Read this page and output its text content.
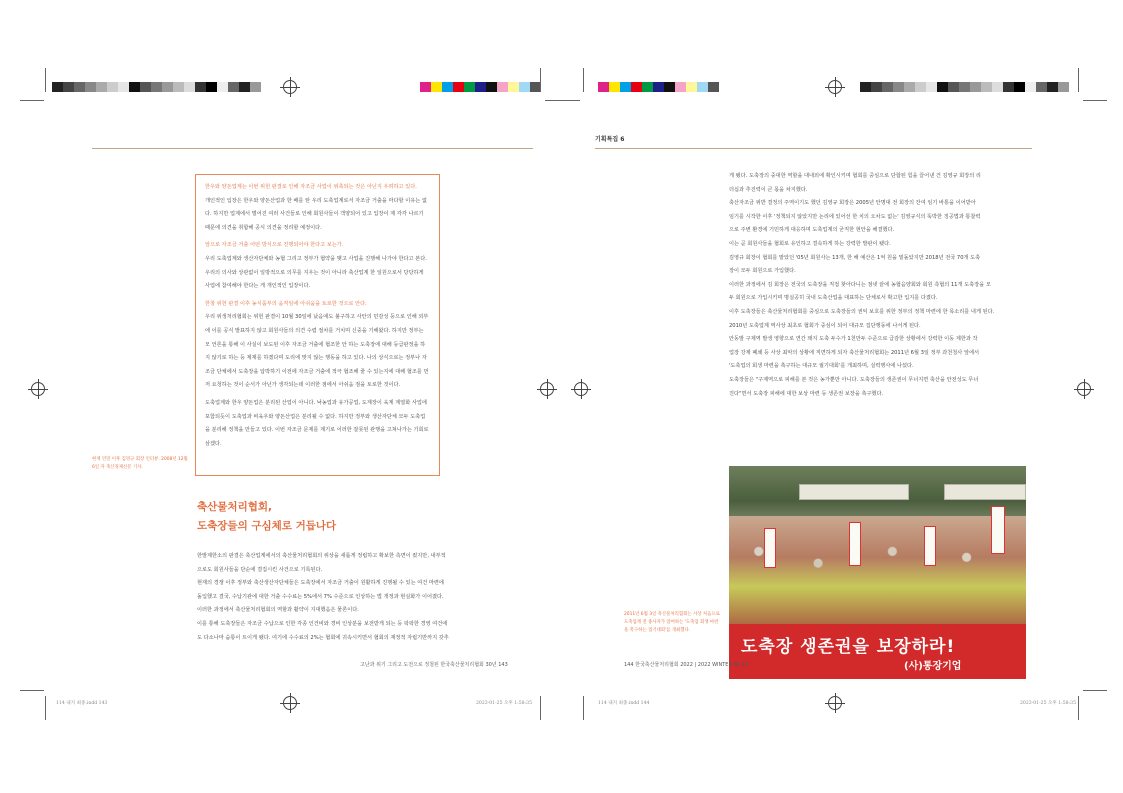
기획특집 6

게 됐다. 도축장의 중대한 역할을 대내외에 확인시키며 협회를 중심으로 단합된 힘을 끌어낸 건 김영규 회장의 리

더십과 추진력이 큰 몫을 차지했다.

축산자조금 위반 결정의 주역이기도 했던 김영규 회장은 2005년 안명대 전 회장의 잔여 임기 바통을 이어받아

임기를 시작한 이후 '정책되지 않았지만 논리에 있어선 한 치의 오차도 없는' 김영규식의 뚝박한 징공법과 통찰력

으로 주변 환경에 기민하게 대응하며 도축업계의 굳직한 현안을 해결했다.

이는 곧 회원사들을 협회로 유인하고 결속하게 하는 강력한 발판이 됐다.

김영규 회장이 협회를 맡았던 '05년 회원사는 13개, 한 해 예산은 1억 원을 밑돌았지만 2018년 전국 70개 도축

장이 모두 회원으로 가입했다.

이러한 과정에서 김 회장은 전국의 도축장을 직접 찾아다니는 점넷 끝에 농협음양회와 회원 측협의 11개 도축장을 모

두 회원으로 가입시키며 명실공히 국내 도축산업을 대표하는 단체로서 확고한 입지를 다졌다.

이후 도축장들은 축산물처리협회를 중심으로 도축장들의 권익 보호를 위한 정부의 정책 마련에 한 목소리를 내게 된다.

2010년 도축업계 역사상 최초로 협회가 중심이 되어 대규모 집단행동에 나서게 된다.

안동발 구제역 발생 영향으로 연간 돼지 도축 두수가 1천만두 수준으로 급감한 상황에서 강력한 이동 제한과 작

업장 강제 폐쇄 등 사상 최악의 상황에 직면하게 되자 축산물처리협회는 2011년 6월 3일 정부 과천청사 앞에서

'도축업의 회생 마련을 촉구하는 대규모 궐기대회'를 개최하며, 실력행사에 나섰다.

도축장들은 "구제역으로 피해를 본 것은 농가뿐만 아니다. 도축장들의 생존권이 무너지면 축산을 안전성도 무너

진다"면서 도축장 피해에 대한 보상 마련 등 생존권 보장을 촉구했다.

도축장 생존권을 보장하라!
(사)통장기업
2011년 6월 3일 축산물처리협회는 사상 처음으로 도축업계 전 종사자가 참여하는 '도축업 회생 마련을 촉구하는 궐기대회'를 개최했다.
144 한국축산물처리협회 2022 | 2022 WINTER No.14
114 내지 최종.indd 144	2023-01-25 오후 1:58:35
한우와 양돈업계는 이번 위헌 판결로 인해 자조금 사업이 위축되는 것은 아닌지 우려하고 있다.
개인적인 입장은 한우와 양돈산업과 한 배를 탄 우리 도축업계로서 자조금 거출을 마다할 이유는 없다. 하지만 업계에서 벌어진 여러 사건들로 인해 회원사들이 객양되어 있고 입장이 제 각각 나르기 때문에 의견을 취합해 공식 의견을 정리할 예정이다.
앞으로 자조금 거출 어떤 방식으로 진행되어야 한다고 보는가.
우리 도축업계와 생산자단체와 농협 그리고 정부가 협약을 맺고 사업을 진행해 나가야 한다고 본다. 우리의 의사와 상관없이 일방적으로 의무를 지우는 것이 아니라 축산업계 한 일원으로서 당당하게 사업에 참여해야 한다는 게 개인적인 입장이다.
한창 위헌 판결 이후 농식품부의 움직임에 아쉬움을 토로한 것으로 안다.
우리 위생처리협회는 위헌 판결이 10월 30일에 났음에도 불구하고 사안의 민감성 등으로 인해 외부에 이를 공식 발표하지 않고 회원사들의 의견 수렴 절차를 거치며 신중을 기해왔다. 하지만 정부는 모 언론을 통해 이 사실이 보도된 이후 자조금 거출에 협조한 안 하는 도축장에 대해 등급판정을 하지 않기로 하는 등 제재를 하겠다며 도리에 맞지 않는 행동을 하고 있다. 나의 상식으로는 정부나 자조금 단체에서 도축장을 압박하기 이전에 자조금 거출에 적극 협조해 줄 수 있는지에 대해 협조를 먼저 요청하는 것이 순서가 아닌가 생각되는데 이러한 점에서 아쉬움 점을 토로한 것이다.
도축업계와 한우 양돈업은 분리된 산업이 아니다. 낙농업과 유가공업, 도계장이 육계 계열화 사업에 포함되듯이 도축업과 비육우와 양돈산업은 분리될 수 없다. 하지만 정부와 생산자단체 모두 도축업을 분리해 정책을 만들고 있다. 이번 자조금 문제를 계기로 이러한 잘못된 관행을 고쳐나가는 기회로 삼겠다.
현재 연말 이후 김영규 회장 인터뷰. 2008년 12월 6일 자 축산경제신문 기사.
축산물처리협회,
도축장들의 구심체로 거듭나다

한발제한소의 판결은 축산업계에서의 축산물처리협회의 위상을 새롭게 정립하고 확보한 측면이 컸지만, 내부적

으로도 회원사들을 단순에 결집시킨 사건으로 기록된다.

현재의 경쟁 이후 정부와 축산생산자단체들은 도축장에서 자조금 거출이 원활하게 진행될 수 있는 여건 마련에

돌입했고 결국, 수납기관에 대한 거출 수수료는 5%에서 7% 수준으로 인상하는 법 개정과 현실화가 이어졌다.

이러한 과정에서 축산물처리협회의 역할과 활약이 지대했음은 물론이다.

이를 통해 도축장들은 자조금 수납으로 인한 각종 인건비와 경비 인상분을 보전받게 되는 등 팍팍한 경영 여건에

도 다소나마 숨통이 트이게 됐다. 여기에 수수료의 2%는 협회에 귀속시키면서 협회의 재정적 자립기반까지 갖추

고난과 위기 그리고 도전으로 정철된 한국축산물처리협회 30년 143
114 내지 최종.indd 143	2023-01-25 오후 1:58:35
